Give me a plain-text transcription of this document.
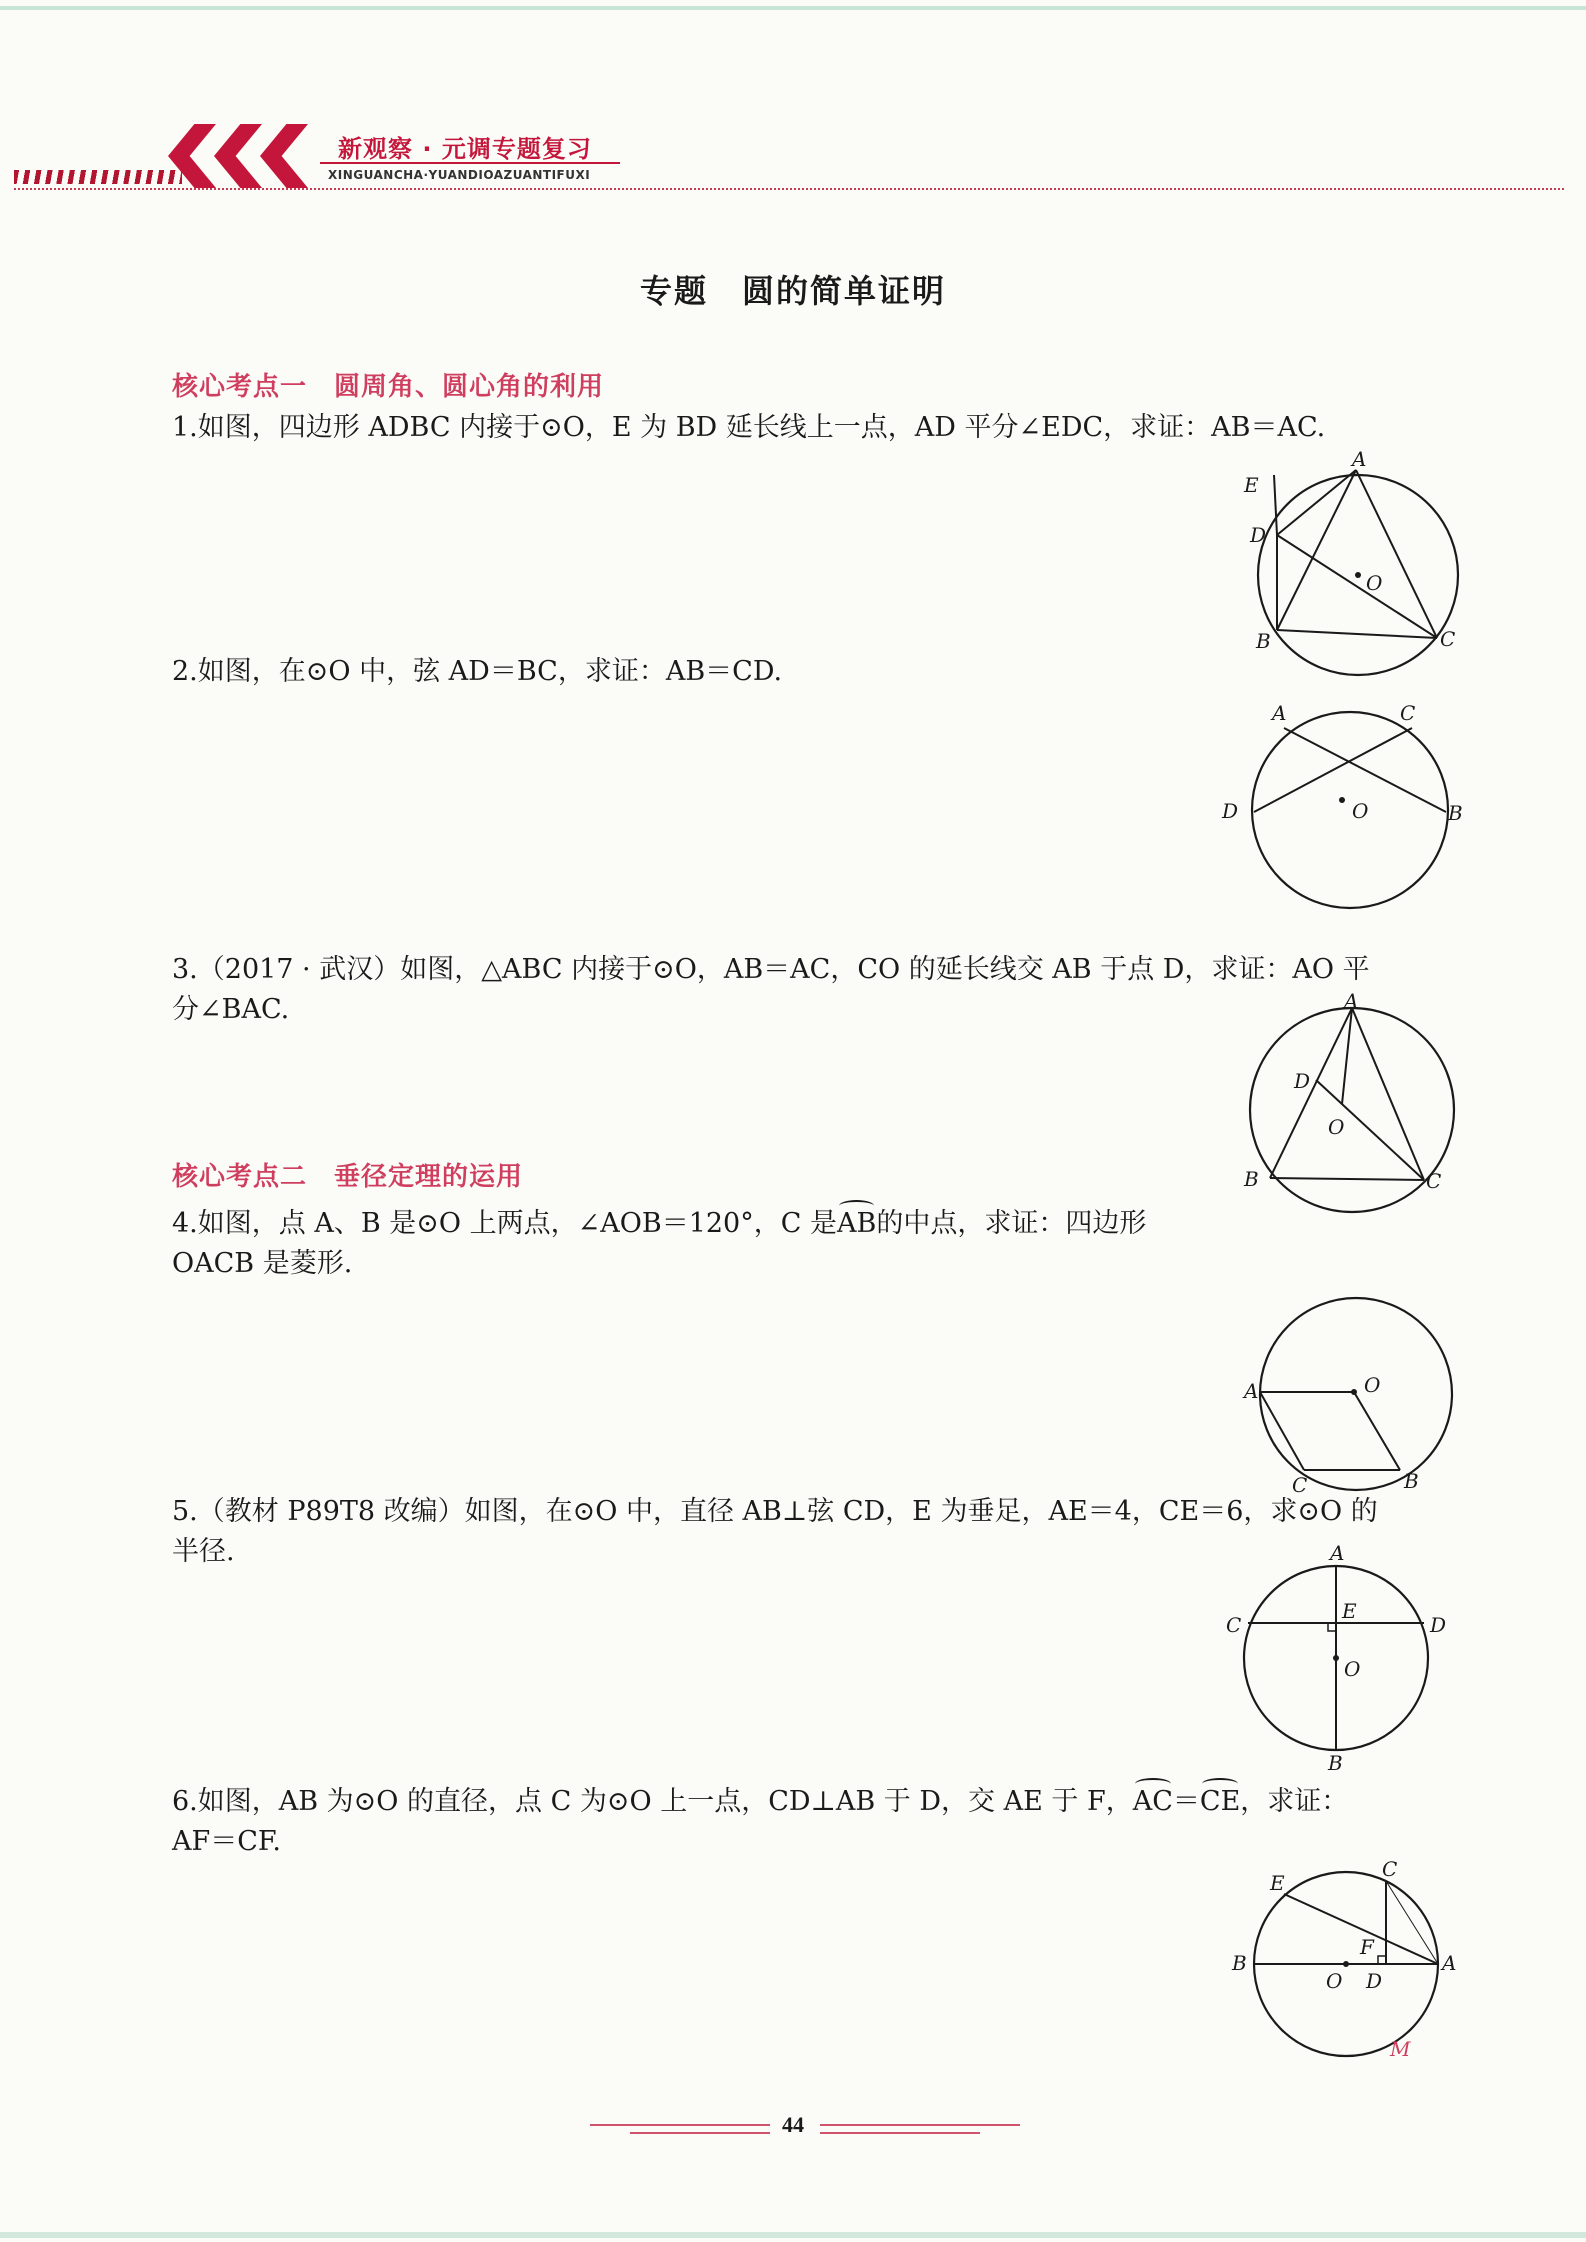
新观察 · 元调专题复习
XINGUANCHA·YUANDIOAZUANTIFUXI
专题　圆的简单证明
核心考点一　圆周角、圆心角的利用
1.如图，四边形 ADBC 内接于⊙O，E 为 BD 延长线上一点，AD 平分∠EDC，求证：AB＝AC.
E
A
D
O
B	C
2.如图，在⊙O 中，弦 AD＝BC，求证：AB＝CD.
A	C
D	O	B
3.（2017 · 武汉）如图，△ABC 内接于⊙O，AB＝AC，CO 的延长线交 AB 于点 D，求证：AO 平
分∠BAC.	A
D
O
B	C
核心考点二　垂径定理的运用
4.如图，点 A、B 是⊙O 上两点，∠AOB＝120°，C 是AB的中点，求证：四边形
OACB 是菱形.
A	O
C	B
5.（教材 P89T8 改编）如图，在⊙O 中，直径 AB⊥弦 CD，E 为垂足，AE＝4，CE＝6，求⊙O 的
半径.	A
C
E
D
O
B
6.如图，AB 为⊙O 的直径，点 C 为⊙O 上一点，CD⊥AB 于 D，交 AE 于 F，AC＝CE，求证：
AF＝CF.
E
C
F
B
O D
A
M
44
